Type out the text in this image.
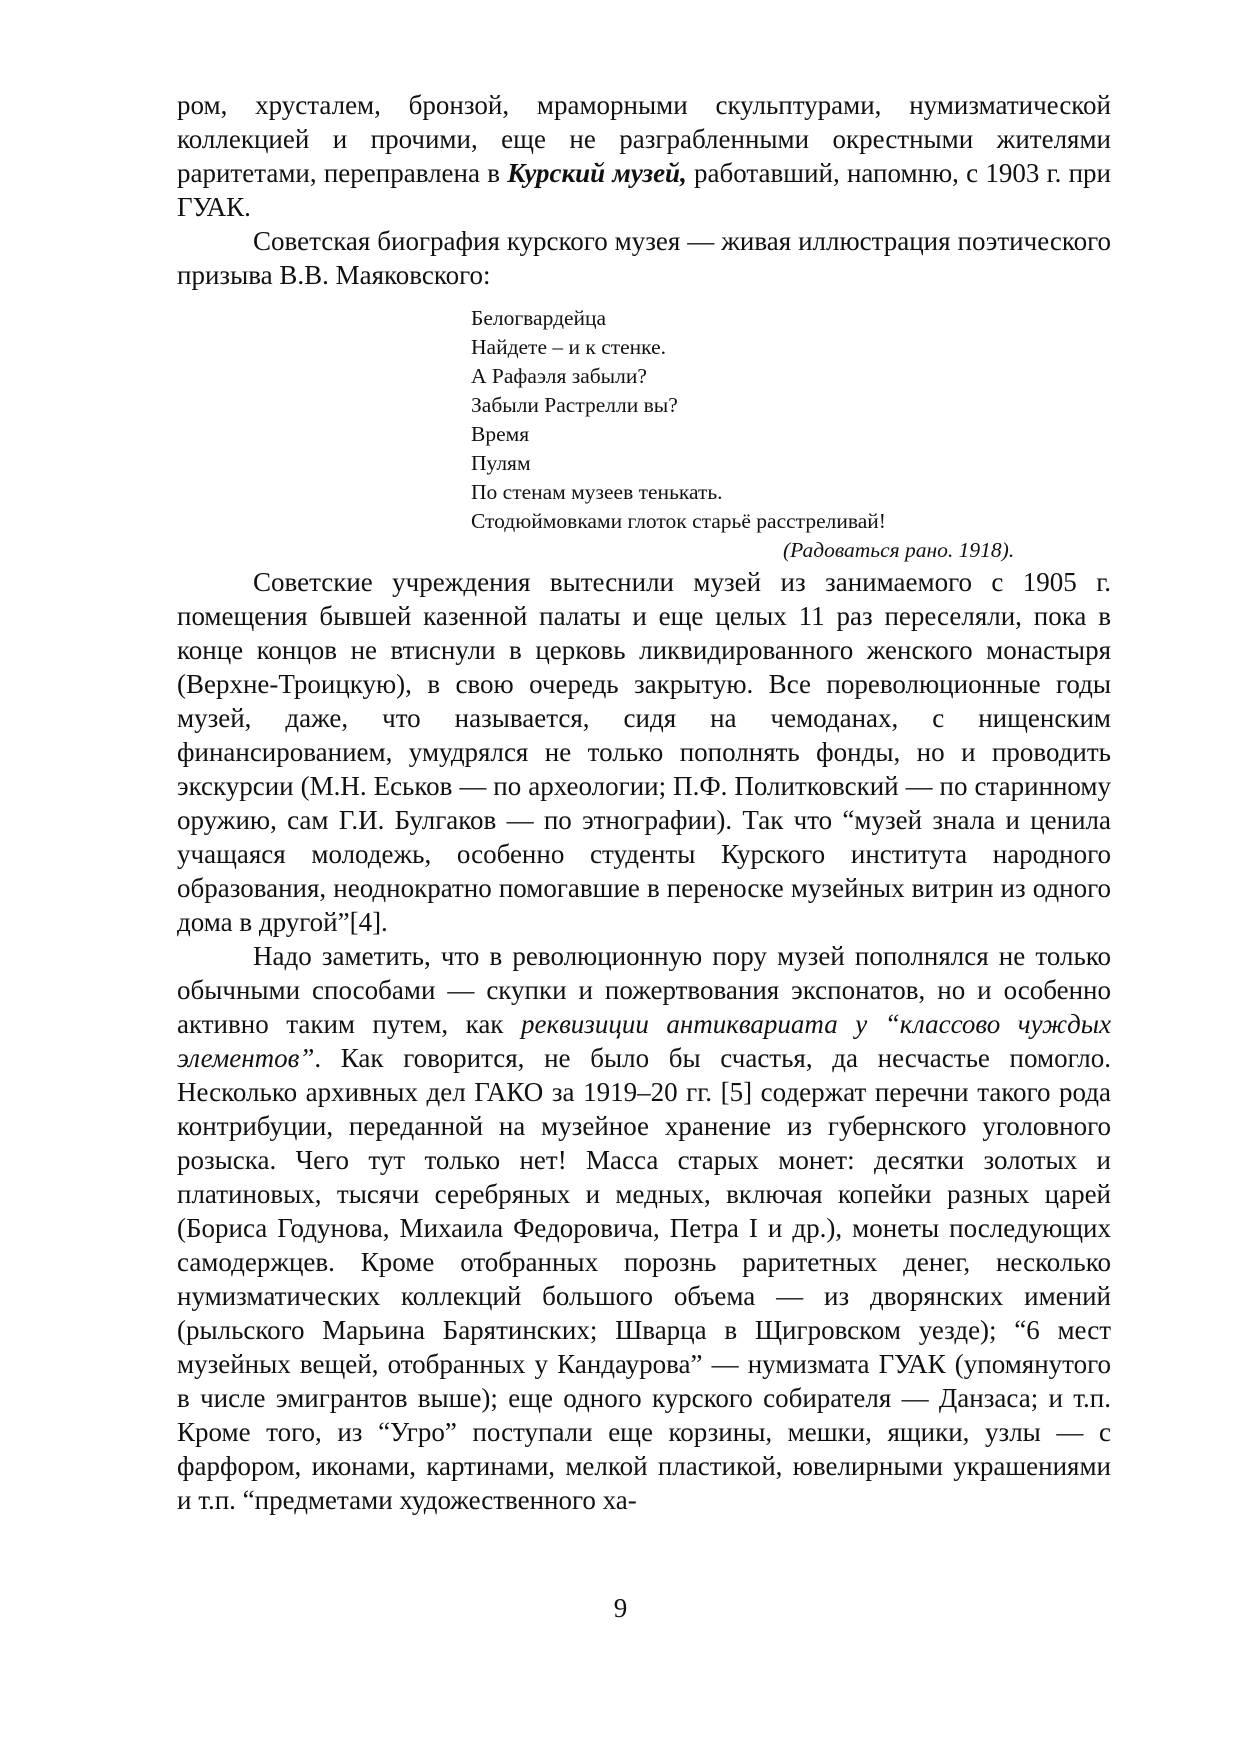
ром, хрусталем, бронзой, мраморными скульптурами, нумизматической коллекцией и прочими, еще не разграбленными окрестными жителями раритетами, переправлена в Курский музей, работавший, напомню, с 1903 г. при ГУАК.

Советская биография курского музея — живая иллюстрация поэтического призыва В.В. Маяковского:

Белогвардейца
Найдете – и к стенке.
А Рафаэля забыли?
Забыли Растрелли вы?
Время
Пулям
По стенам музеев тенькать.
Стодюймовками глоток старьё расстреливай!
(Радоваться рано. 1918).

Советские учреждения вытеснили музей из занимаемого с 1905 г. помещения бывшей казенной палаты и еще целых 11 раз переселяли, пока в конце концов не втиснули в церковь ликвидированного женского монастыря (Верхне-Троицкую), в свою очередь закрытую. Все пореволюционные годы музей, даже, что называется, сидя на чемоданах, с нищенским финансированием, умудрялся не только пополнять фонды, но и проводить экскурсии (М.Н. Еськов — по археологии; П.Ф. Политковский — по старинному оружию, сам Г.И. Булгаков — по этнографии). Так что “музей знала и ценила учащаяся молодежь, особенно студенты Курского института народного образования, неоднократно помогавшие в переноске музейных витрин из одного дома в другой”[4].

Надо заметить, что в революционную пору музей пополнялся не только обычными способами — скупки и пожертвования экспонатов, но и особенно активно таким путем, как реквизиции антиквариата у “классово чуждых элементов”. Как говорится, не было бы счастья, да несчастье помогло. Несколько архивных дел ГАКО за 1919–20 гг. [5] содержат перечни такого рода контрибуции, переданной на музейное хранение из губернского уголовного розыска. Чего тут только нет! Масса старых монет: десятки золотых и платиновых, тысячи серебряных и медных, включая копейки разных царей (Бориса Годунова, Михаила Федоровича, Петра I и др.), монеты последующих самодержцев. Кроме отобранных порознь раритетных денег, несколько нумизматических коллекций большого объема — из дворянских имений (рыльского Марьина Барятинских; Шварца в Щигровском уезде); “6 мест музейных вещей, отобранных у Кандаурова” — нумизмата ГУАК (упомянутого в числе эмигрантов выше); еще одного курского собирателя — Данзаса; и т.п. Кроме того, из “Угро” поступали еще корзины, мешки, ящики, узлы — с фарфором, иконами, картинами, мелкой пластикой, ювелирными украшениями и т.п. “предметами художественного ха-

9
